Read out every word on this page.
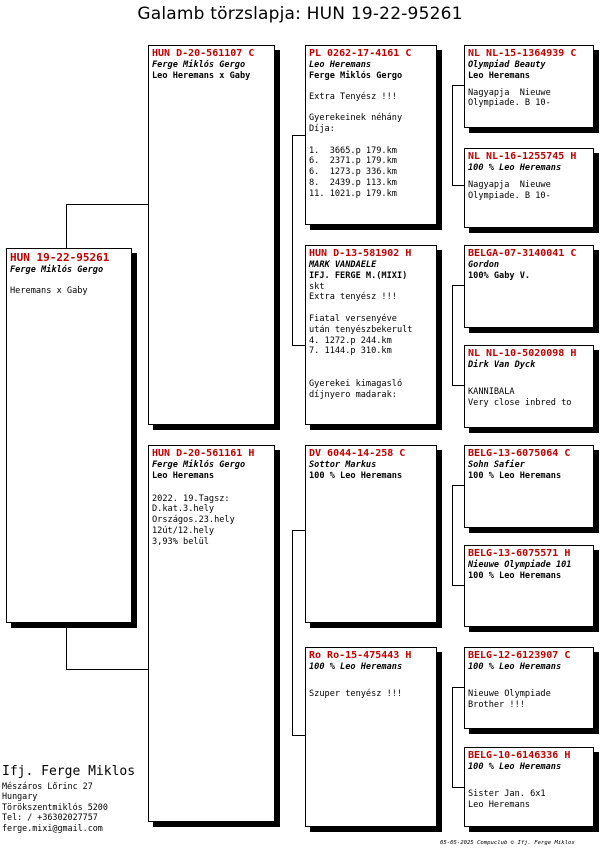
Galamb törzslapja: HUN 19-22-95261
HUN 19-22-95261
Ferge Miklós Gergo
Heremans x Gaby
HUN D-20-561107 C
Ferge Miklós Gergo
Leo Heremans x Gaby
HUN D-20-561161 H
Ferge Miklós Gergo
Leo Heremans
2022. 19.Tagsz:
D.kat.3.hely
Országos.23.hely
12út/12.hely
3,93% belül
PL 0262-17-4161 C
Leo Heremans
Ferge Miklós Gergo
Extra Tenyész !!!

Gyerekeinek néhány
Díja:

1.  3665.p 179.km
6.  2371.p 179.km
6.  1273.p 336.km
8.  2439.p 113.km
11. 1021.p 179.km
HUN D-13-581902 H
MARK VANDAELE
IFJ. FERGE M.(MIXI)
skt
Extra tenyész !!!

Fiatal versenyéve
után tenyészbekerult
4. 1272.p 244.km
7. 1144.p 310.km

Gyerekei kimagasló
díjnyero madarak:
DV 6044-14-258 C
Sottor Markus
100 % Leo Heremans
Ro Ro-15-475443 H
100 % Leo Heremans
Szuper tenyész !!!
NL NL-15-1364939 C
Olympiad Beauty
Leo Heremans
Nagyapja  Nieuwe
Olympiade. B 10-
NL NL-16-1255745 H
100 % Leo Heremans
Nagyapja  Nieuwe
Olympiade. B 10-
BELGA-07-3140041 C
Gordon
100% Gaby V.
NL NL-10-5020098 H
Dirk Van Dyck
KANNIBALA
Very close inbred to
BELG-13-6075064 C
Sohn Safier
100 % Leo Heremans
BELG-13-6075571 H
Nieuwe Olympiade 101
100 % Leo Heremans
BELG-12-6123907 C
100 % Leo Heremans
Nieuwe Olympiade
Brother !!!
BELG-10-6146336 H
100 % Leo Heremans
Sister Jan. 6x1
Leo Heremans
Ifj. Ferge Miklos
Mészáros Lőrinc 27
Hungary
Törökszentmiklós 5200
Tel: / +36302027757
ferge.mixi@gmail.com
05-05-2025 Compuclub © Ifj. Ferge Miklos
